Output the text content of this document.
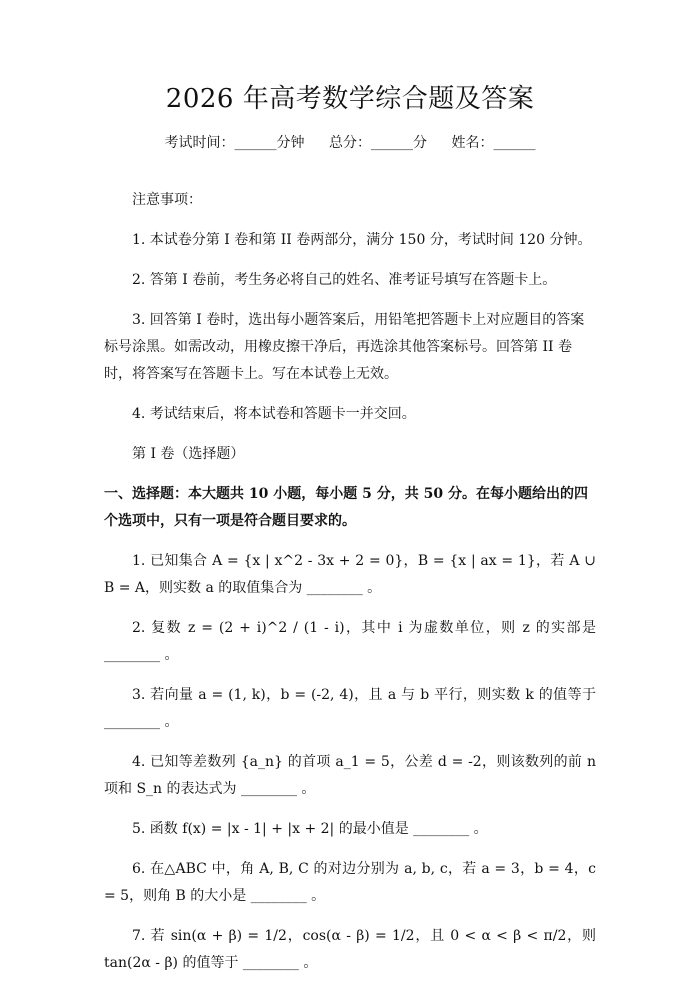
2026 年高考数学综合题及答案
考试时间：______分钟 总分：______分 姓名：______

注意事项：

1. 本试卷分第 I 卷和第 II 卷两部分，满分 150 分，考试时间 120 分钟。

2. 答第 I 卷前，考生务必将自己的姓名、准考证号填写在答题卡上。

3. 回答第 I 卷时，选出每小题答案后，用铅笔把答题卡上对应题目的答案标号涂黑。如需改动，用橡皮擦干净后，再选涂其他答案标号。回答第 II 卷时，将答案写在答题卡上。写在本试卷上无效。

4. 考试结束后，将本试卷和答题卡一并交回。

第 I 卷（选择题）

一、选择题：本大题共 10 小题，每小题 5 分，共 50 分。在每小题给出的四个选项中，只有一项是符合题目要求的。

1. 已知集合 A = {x | x^2 - 3x + 2 = 0}，B = {x | ax = 1}，若 A ∪ B = A，则实数 a 的取值集合为 ________ 。

2. 复数 z = (2 + i)^2 / (1 - i)，其中 i 为虚数单位，则 z 的实部是 ________ 。

3. 若向量 a = (1, k)，b = (-2, 4)，且 a 与 b 平行，则实数 k 的值等于 ________ 。

4. 已知等差数列 {a_n} 的首项 a_1 = 5，公差 d = -2，则该数列的前 n 项和 S_n 的表达式为 ________ 。

5. 函数 f(x) = |x - 1| + |x + 2| 的最小值是 ________ 。

6. 在△ABC 中，角 A, B, C 的对边分别为 a, b, c，若 a = 3，b = 4，c = 5，则角 B 的大小是 ________ 。

7. 若 sin(α + β) = 1/2，cos(α - β) = 1/2，且 0 < α < β < π/2，则 tan(2α - β) 的值等于 ________ 。
